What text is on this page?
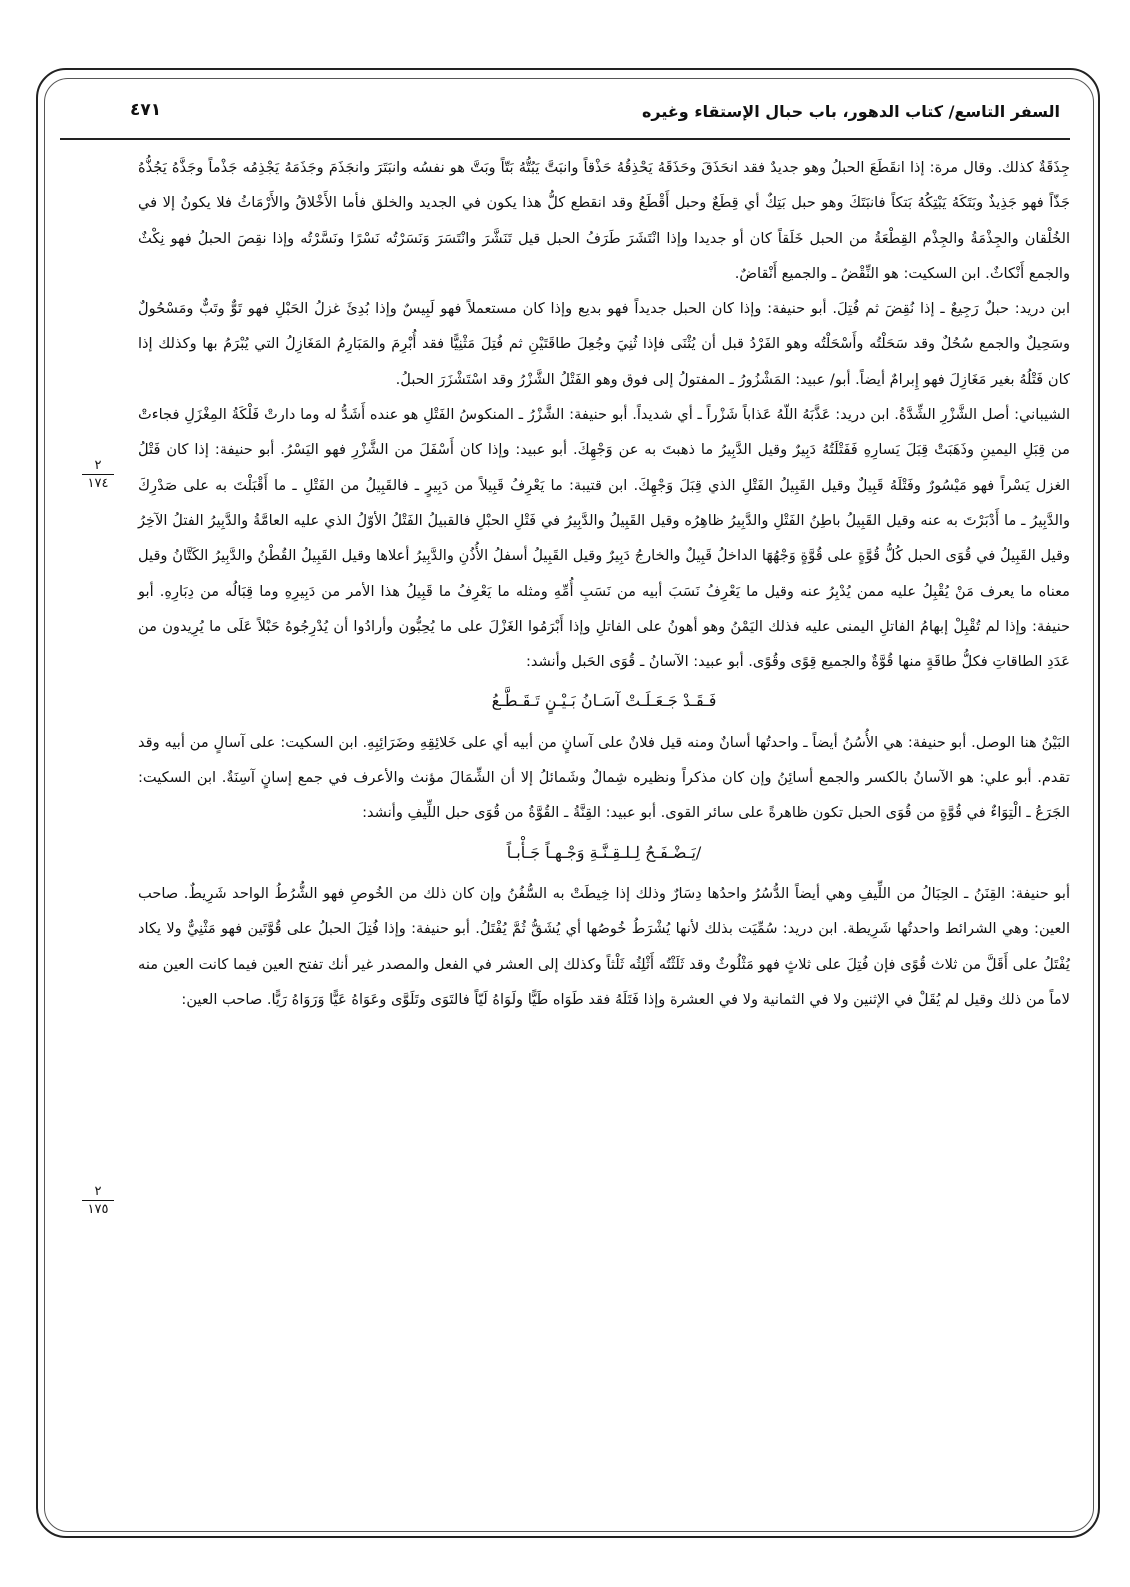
السفر التاسع/ كتاب الدهور، باب حبال الإستقاء وغيره
٤٧١
٢
١٧٤
٢
١٧٥

جِذَقَةٌ كذلك. وقال مرة: إذا انقَطَعَ الحبلُ وهو جديدٌ فقد انحَذَقَ وحَذَقَهُ يَحْذِقُهُ حَذْقاً وانبَتَّ يَبُتُّهُ بَتّاً وبَتَّ هو نفسُه وانبَتَرَ وانجَذَمَ وجَذَمَهُ يَجْذِمُه جَذْماً وجَذَّهُ يَجُذُّهُ جَذّاً فهو جَذِيذٌ وبَتَكَهُ يَبْتِكُهُ بَتكاً فانبَتَكَ وهو حبل بَتِكٌ أي قِطَعٌ وحبل أَقْطَعُ وقد انقطع كلُّ هذا يكون في الجديد والخلق فأما الأَخْلاقُ والأَرْمَاثُ فلا يكونُ إلا في الخُلْقان والجِذْمَةُ والجِذْم القِطْعَةُ من الحبل خَلَقاً كان أو جديدا وإذا انْتَشَرَ طَرَفُ الحبل قيل تَنَشَّرَ وانْتَسَرَ وَنَسَرْتُه نَسْرًا ونَسَّرْتُه وإذا نقِصَ الحبلُ فهو نِكْثٌ والجمع أَنْكاثٌ. ابن السكيت: هو النِّقْضُ ـ والجميع أَنْقاضٌ.

ابن دريد: حبلٌ رَجِيعٌ ـ إذا نُقِضَ ثم فُتِلَ. أبو حنيفة: وإذا كان الحبل جديداً فهو بديع وإذا كان مستعملاً فهو لَبِيسٌ وإذا بُدِئَ غزلُ الحَبْلِ فهو تَوٌّ وتَبٌّ ومَسْحُولٌ وسَحِيلٌ والجمع سُحُلٌ وقد سَحَلْتُه وأَسْحَلْتُه وهو الفَرْدُ قبل أن يُثْنَى فإذا ثُنِيَ وجُعِلَ طاقَتَيْنِ ثم فُتِلَ مَثْنِيًّا فقد أُبْرِمَ والمَبَارِمُ المَغَازِلُ التي يُبْرَمُ بها وكذلك إذا كان فَتْلُهُ بغير مَغَازِلَ فهو إِبرامٌ أيضاً. أبو/ عبيد: المَشْزُورُ ـ المفتولُ إلى فوق وهو الفَتْلُ الشَّزْرُ وقد اسْتَشْزَرَ الحبلُ.

الشيباني: أصل الشَّزْرِ الشِّدَّةُ. ابن دريد: عَذَّبَهُ اللّهُ عَذاباً شَزْراً ـ أي شديداً. أبو حنيفة: الشَّزْرُ ـ المنكوسُ الفَتْلِ هو عنده أَشَدُّ له وما دارتْ فَلْكَةُ المِغْزَلِ فجاءتْ من قِبَلِ اليمينِ وذَهَبَتْ قِبَلَ يَسارِهِ فَفَتْلَتُهُ دَبِيرٌ وقيل الدَّبِيرُ ما ذهبتَ به عن وَجْهِكَ. أبو عبيد: وإذا كان أَسْفَلَ من الشَّزْرِ فهو اليَسْرُ. أبو حنيفة: إذا كان فَتْلُ الغزل يَسْراً فهو مَيْسُورٌ وفَتْلَهُ قَبِيلٌ وقيل القَبِيلُ الفَتْلِ الذي قِبَلَ وَجْهِكَ. ابن قتيبة: ما يَعْرِفُ قَبِيلاً من دَبِيرٍ ـ فالقَبِيلُ من الفَتْلِ ـ ما أَقْبَلْتَ به على صَدْرِكَ والدَّبِيرُ ـ ما أَدْبَرْتَ به عنه وقيل القَبِيلُ باطِنُ الفَتْلِ والدَّبِيرُ ظاهِرُه وقيل القَبِيلُ والدَّبِيرُ في فَتْلِ الحبْلِ فالقبيلُ الفَتْلُ الأوّلُ الذي عليه العامَّةُ والدَّبِيرُ الفتلُ الآخِرُ وقيل القَبِيلُ في قُوَى الحبل كُلُّ قُوَّةٍ على قُوَّةٍ وَجْهُهَا الداخلُ قَبِيلٌ والخارجُ دَبِيرٌ وقيل القَبِيلُ أسفلُ الأُذُنِ والدَّبِيرُ أعلاها وقيل القَبِيلُ القُطْنُ والدَّبِيرُ الكَتَّانُ وقيل معناه ما يعرف مَنْ يُقْبِلُ عليه ممن يُدْبِرُ عنه وقيل ما يَعْرِفُ نَسَبَ أبيه من نَسَبِ أُمِّهِ ومثله ما يَعْرِفُ ما قَبِيلُ هذا الأمر من دَبِيرِهِ وما قِبَالُه من دِبَارِهِ. أبو حنيفة: وإذا لم تُقْبِلْ إبهامُ الفاتلِ اليمنى عليه فذلك اليَمْنُ وهو أهونُ على الفاتلِ وإذا أَبْرَمُوا الغَزْلَ على ما يُحِبُّون وأرادُوا أن يُدْرِجُوهُ حَبْلاً عَلَى ما يُرِيدون من عَدَدِ الطاقاتِ فكلُّ طاقَةٍ منها قُوَّةٌ والجميع قِوًى وقُوًى. أبو عبيد: الآسانُ ـ قُوَى الحَبل وأنشد:

فَـقَـدْ جَـعَـلَـتْ آسَـانُ بَـيْـنٍ تَـقَـطَّـعُ

البَيْنُ هنا الوصل. أبو حنيفة: هي الأُسُنُ أيضاً ـ واحدتُها أسانٌ ومنه قيل فلانٌ على آسانٍ من أبيه أي على خَلائِقِهِ وضَرَائِبِهِ. ابن السكيت: على آسالٍ من أبيه وقد تقدم. أبو علي: هو الآسانُ بالكسر والجمع أسائِنُ وإن كان مذكراً ونظيره شِمالٌ وشَمائلُ إلا أن الشِّمَالَ مؤنث والأعرف في جمع إسانٍ آسِنَةٌ. ابن السكيت: الجَرَعُ ـ الْتِوَاءٌ في قُوَّةٍ من قُوَى الحبل تكون ظاهرةً على سائر القوى. أبو عبيد: القِنَّةُ ـ القُوَّةُ من قُوَى حبل اللِّيفِ وأنشد:

/يَـضْـفَـحُ لِـلـقِـنَّـةِ وَجْـهـاً جَـأْبـاً

أبو حنيفة: القِنَنُ ـ الحِبَالُ من اللِّيفِ وهي أيضاً الدُّسُرُ واحدُها دِسَارٌ وذلك إذا خِيطَتْ به السُّفُنُ وإن كان ذلك من الخُوصِ فهو الشُّرُطُ الواحد شَرِيطٌ. صاحب العين: وهي الشرائط واحدتُها شَرِيطة. ابن دريد: سُمِّيَت بذلك لأنها يُشْرَطُ خُوصُها أي يُشَقُّ ثُمَّ يُفْتَلُ. أبو حنيفة: وإذا فُتِلَ الحبلُ على قُوَّتَين فهو مَثْنِيٌّ ولا يكاد يُفْتَلُ على أَقَلَّ من ثلاث قُوًى فإن فُتِلَ على ثلاثٍ فهو مَثْلُوثٌ وقد ثَلَثْتُه أَثْلِثُه ثَلْثاً وكذلك إلى العشر في الفعل والمصدر غير أنك تفتح العين فيما كانت العين منه لاماً من ذلك وقيل لم يُقَلْ في الإثنين ولا في الثمانية ولا في العشرة وإذا فَتَلَهُ فقد طَوَاه طَيًّا ولَوَاهُ لَيّاً فالتَوَى وتَلَوَّى وعَوَاهُ عَيًّا وَرَوَاهُ رَيًّا. صاحب العين:
